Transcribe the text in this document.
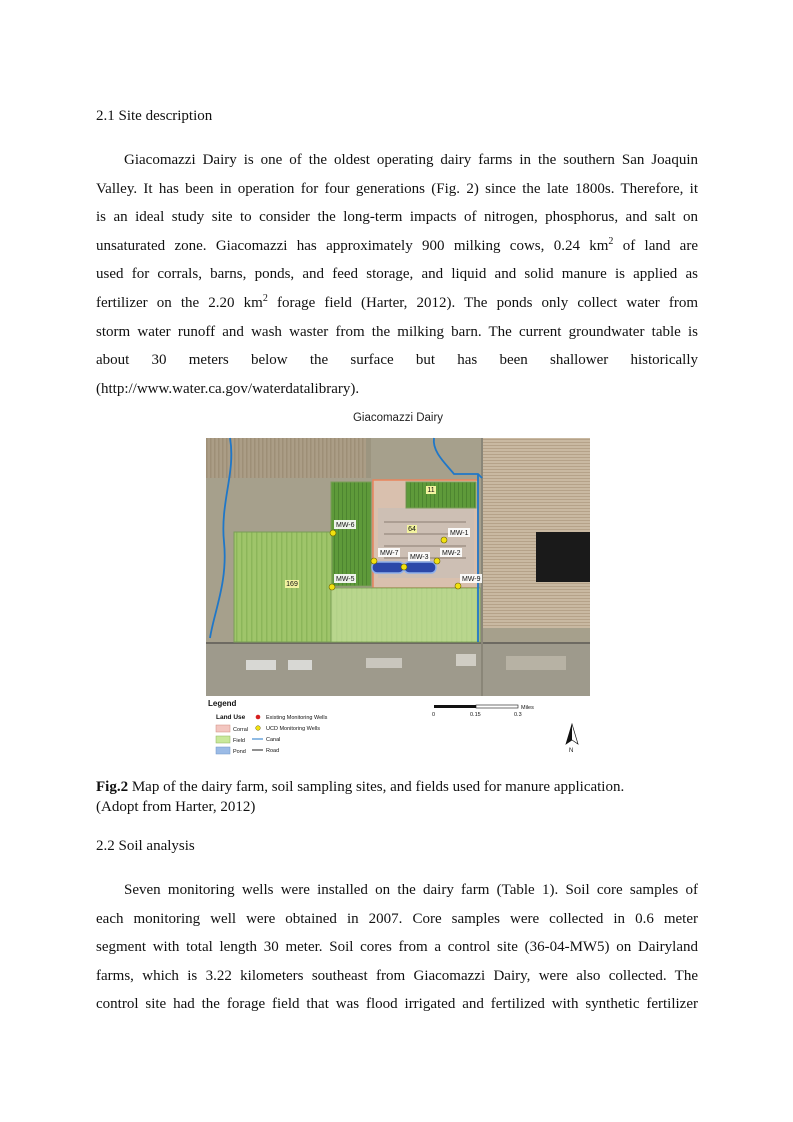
2.1 Site description

Giacomazzi Dairy is one of the oldest operating dairy farms in the southern San Joaquin
Valley. It has been in operation for four generations (Fig. 2) since the late 1800s. Therefore, it
is an ideal study site to consider the long-term impacts of nitrogen, phosphorus, and salt on
unsaturated zone. Giacomazzi has approximately 900 milking cows, 0.24 $km^2$ of land are
used for corrals, barns, ponds, and feed storage, and liquid and solid manure is applied as
fertilizer on the 2.20 $km^2$ forage field (Harter, 2012). The ponds only collect water from
storm water runoff and wash waster from the milking barn. The current groundwater table is
about 30 meters below the surface but has been shallower historically
(http://www.water.ca.gov/waterdatalibrary).

Giacomazzi Dairy
11
64
169
MW-1
MW-2
MW-3
MW-5
MW-6
MW-7
MW-9
Legend
Land Use
Corral
Field
Pond
Existing Monitoring Wells
UCD Monitoring Wells
Canal
Road
Miles
0	0.15	0.3
N
Fig.2 Map of the dairy farm, soil sampling sites, and fields used for manure application.
(Adopt from Harter, 2012)
2.2 Soil analysis

Seven monitoring wells were installed on the dairy farm (Table 1). Soil core samples of
each monitoring well were obtained in 2007. Core samples were collected in 0.6 meter
segment with total length 30 meter. Soil cores from a control site (36-04-MW5) on Dairyland
farms, which is 3.22 kilometers southeast from Giacomazzi Dairy, were also collected. The
control site had the forage field that was flood irrigated and fertilized with synthetic fertilizer
